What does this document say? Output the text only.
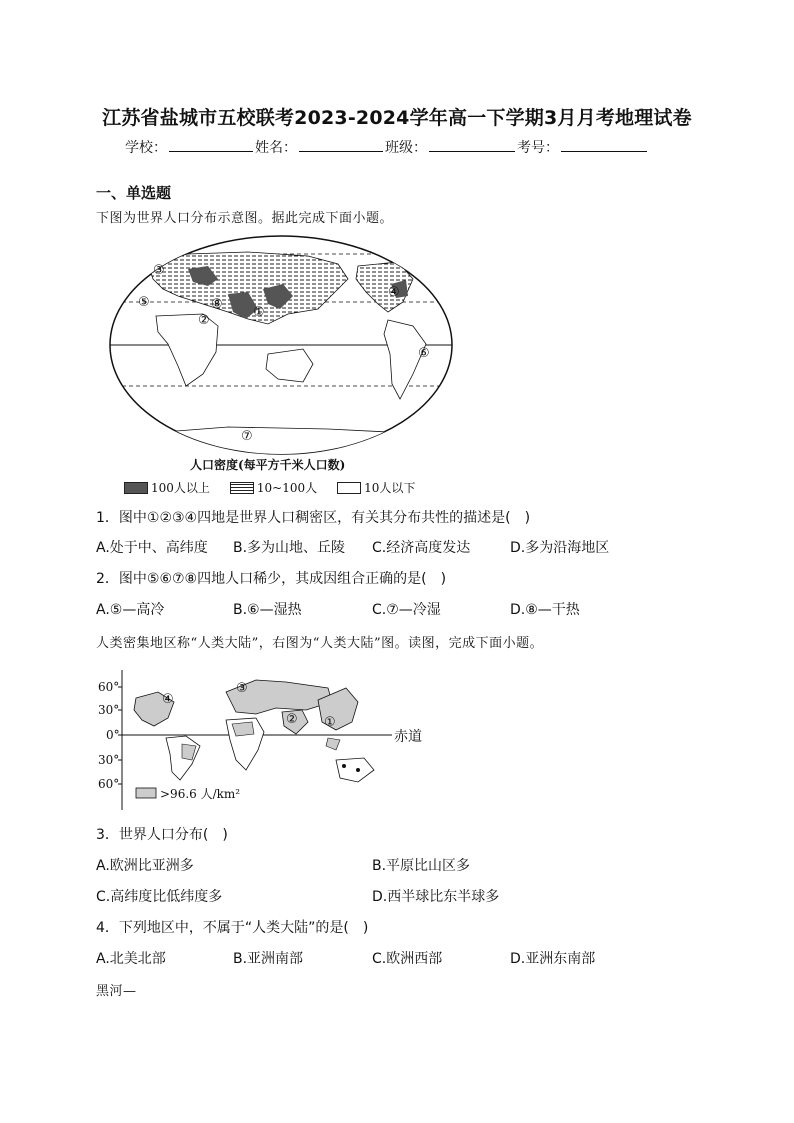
江苏省盐城市五校联考2023-2024学年高一下学期3月月考地理试卷
学校：	姓名：	班级：	考号：
一、单选题
下图为世界人口分布示意图。据此完成下面小题。
①
②
③
④
⑤
⑥
⑦
⑧
人口密度(每平方千米人口数)
100人以上	10~100人	10人以下
1．图中①②③④四地是世界人口稠密区，有关其分布共性的描述是(　)
A.处于中、高纬度 B.多为山地、丘陵 C.经济高度发达	D.多为沿海地区
2．图中⑤⑥⑦⑧四地人口稀少，其成因组合正确的是(　)
A.⑤—高冷	B.⑥—湿热	C.⑦—冷湿	D.⑧—干热
人类密集地区称“人类大陆”，右图为“人类大陆”图。读图，完成下面小题。
60°
30°
0°
30°
60°
赤道
①
②
③
④
>96.6 人/km²
3．世界人口分布(　)
A.欧洲比亚洲多	B.平原比山区多
C.高纬度比低纬度多	D.西半球比东半球多
4．下列地区中，不属于“人类大陆”的是(　)
A.北美北部	B.亚洲南部	C.欧洲西部	D.亚洲东南部
黑河—
